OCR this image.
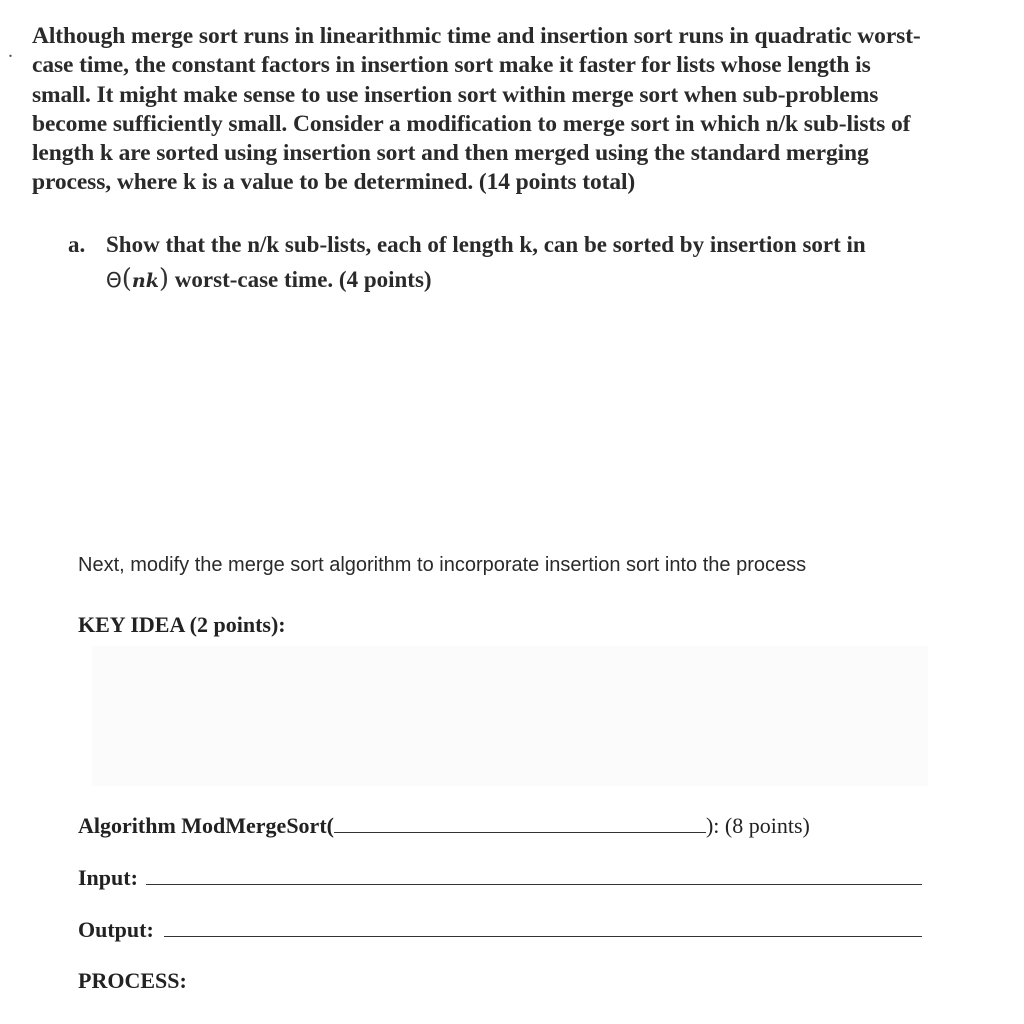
.

Although merge sort runs in linearithmic time and insertion sort runs in quadratic worst-
case time, the constant factors in insertion sort make it faster for lists whose length is
small. It might make sense to use insertion sort within merge sort when sub-problems
become sufficiently small. Consider a modification to merge sort in which n/k sub-lists of
length k are sorted using insertion sort and then merged using the standard merging
process, where k is a value to be determined. (14 points total)

a. Show that the n/k sub-lists, each of length k, can be sorted by insertion sort in
Θ(nk) worst-case time. (4 points)
Next, modify the merge sort algorithm to incorporate insertion sort into the process
KEY IDEA (2 points):
Algorithm ModMergeSort(	): (8 points)
Input:
Output:
PROCESS:
